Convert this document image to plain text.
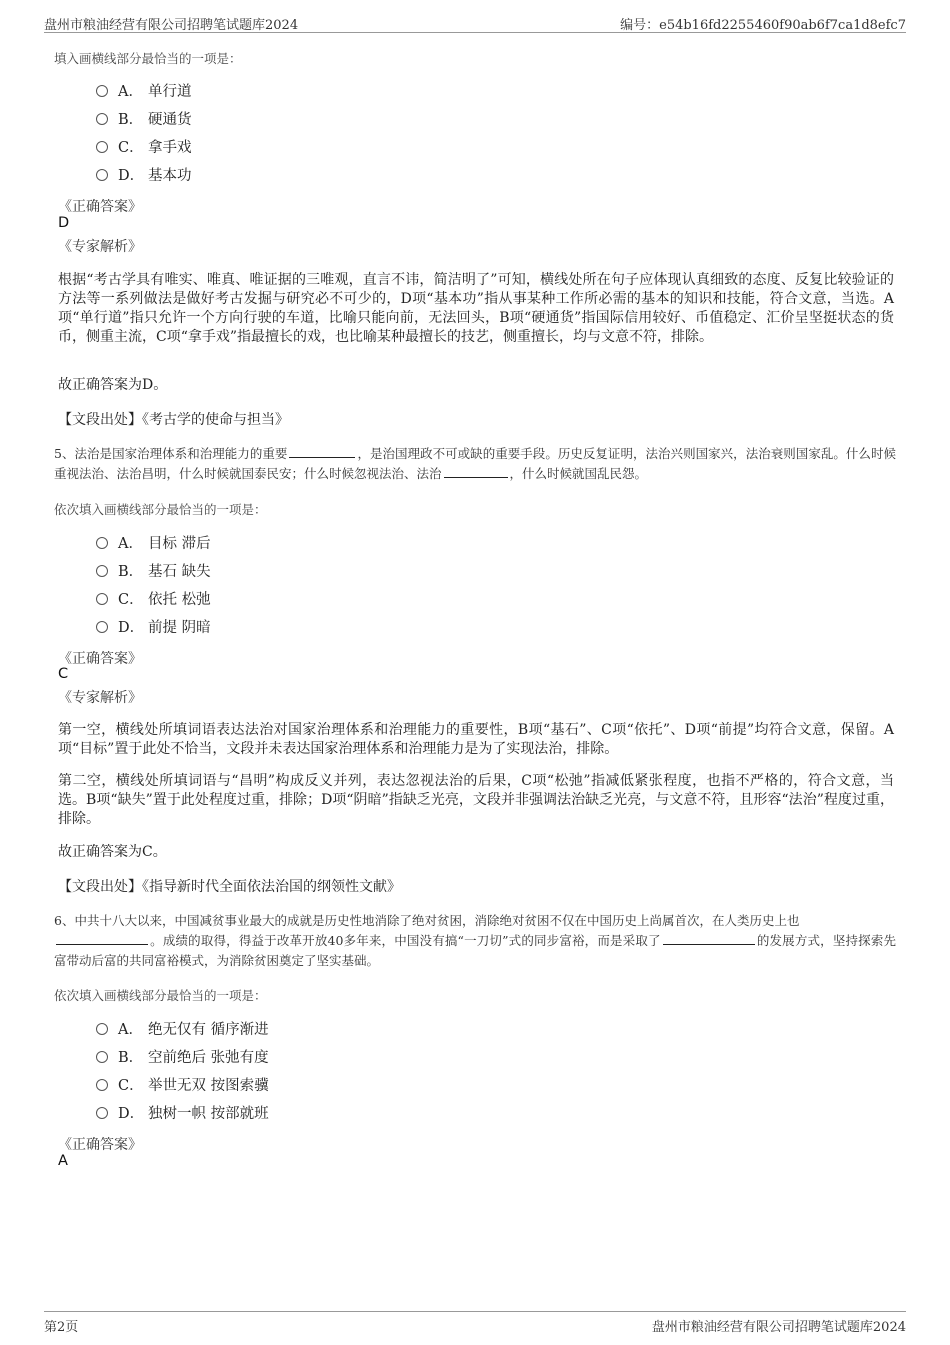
盘州市粮油经营有限公司招聘笔试题库2024	编号：e54b16fd2255460f90ab6f7ca1d8efc7
填入画横线部分最恰当的一项是：
A． 单行道
B． 硬通货
C． 拿手戏
D． 基本功
《正确答案》
D
《专家解析》
根据“考古学具有唯实、唯真、唯证据的三唯观，直言不讳，简洁明了”可知，横线处所在句子应体现认真细致的态度、反复比较验证的方法等一系列做法是做好考古发掘与研究必不可少的，D项“基本功”指从事某种工作所必需的基本的知识和技能，符合文意，当选。A项“单行道”指只允许一个方向行驶的车道，比喻只能向前，无法回头，B项“硬通货”指国际信用较好、币值稳定、汇价呈坚挺状态的货币，侧重主流，C项“拿手戏”指最擅长的戏，也比喻某种最擅长的技艺，侧重擅长，均与文意不符，排除。
故正确答案为D。
【文段出处】《考古学的使命与担当》
5、法治是国家治理体系和治理能力的重要	，是治国理政不可或缺的重要手段。历史反复证明，法治兴则国家兴，法治衰则国家乱。什么时候重视法治、法治昌明，什么时候就国泰民安；什么时候忽视法治、法治	，什么时候就国乱民怨。
依次填入画横线部分最恰当的一项是：
A． 目标 滞后
B． 基石 缺失
C． 依托 松弛
D． 前提 阴暗
《正确答案》
C
《专家解析》
第一空，横线处所填词语表达法治对国家治理体系和治理能力的重要性，B项“基石”、C项“依托”、D项“前提”均符合文意，保留。A项“目标”置于此处不恰当，文段并未表达国家治理体系和治理能力是为了实现法治，排除。
第二空，横线处所填词语与“昌明”构成反义并列，表达忽视法治的后果，C项“松弛”指减低紧张程度，也指不严格的，符合文意，当选。B项“缺失”置于此处程度过重，排除；D项“阴暗”指缺乏光亮，文段并非强调法治缺乏光亮，与文意不符，且形容“法治”程度过重，排除。
故正确答案为C。
【文段出处】《指导新时代全面依法治国的纲领性文献》
6、中共十八大以来，中国减贫事业最大的成就是历史性地消除了绝对贫困，消除绝对贫困不仅在中国历史上尚属首次，在人类历史上也
。成绩的取得，得益于改革开放40多年来，中国没有搞“一刀切”式的同步富裕，而是采取了	的发展方式，坚持探索先富带动后富的共同富裕模式，为消除贫困奠定了坚实基础。
依次填入画横线部分最恰当的一项是：
A． 绝无仅有 循序渐进
B． 空前绝后 张弛有度
C． 举世无双 按图索骥
D． 独树一帜 按部就班
《正确答案》
A
第2页	盘州市粮油经营有限公司招聘笔试题库2024
